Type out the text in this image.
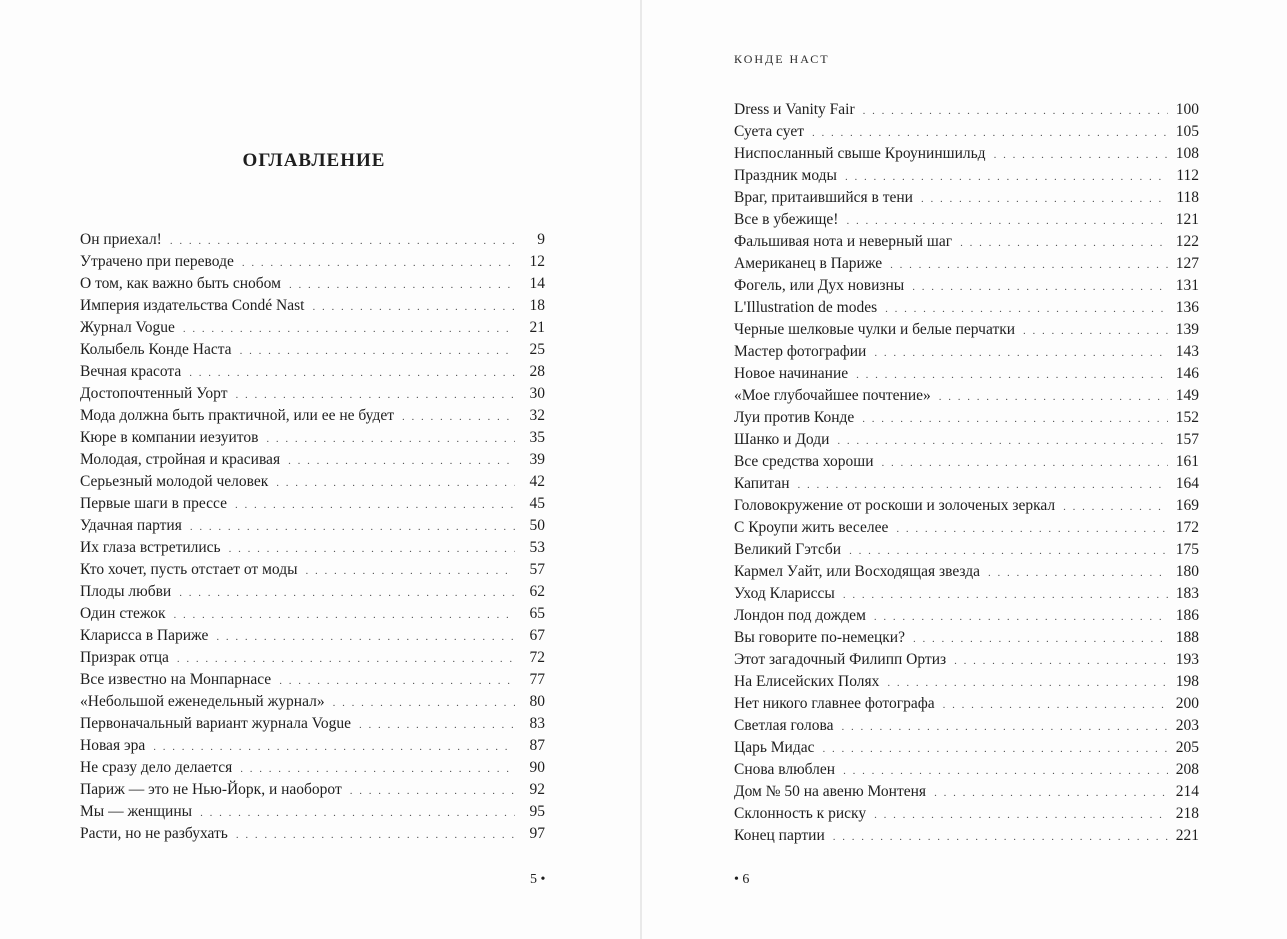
КОНДЕ НАСТ
ОГЛАВЛЕНИЕ
Он приехал! . . .	9
Утрачено при переводе . . .	12
О том, как важно быть снобом . . .	14
Империя издательства Condé Nast . . .	18
Журнал Vogue . . .	21
Колыбель Конде Наста . . .	25
Вечная красота . . .	28
Достопочтенный Уорт . . .	30
Мода должна быть практичной, или ее не будет . . .	32
Кюре в компании иезуитов . . .	35
Молодая, стройная и красивая . . .	39
Серьезный молодой человек . . .	42
Первые шаги в прессе . . .	45
Удачная партия . . .	50
Их глаза встретились . . .	53
Кто хочет, пусть отстает от моды . . .	57
Плоды любви . . .	62
Один стежок . . .	65
Кларисса в Париже . . .	67
Призрак отца . . .	72
Все известно на Монпарнасе . . .	77
«Небольшой еженедельный журнал» . . .	80
Первоначальный вариант журнала Vogue . . .	83
Новая эра . . .	87
Не сразу дело делается . . .	90
Париж — это не Нью-Йорк, и наоборот . . .	92
Мы — женщины . . .	95
Расти, но не разбухать . . .	97
Dress и Vanity Fair . . .	100
Суета сует . . .	105
Ниспосланный свыше Кроуниншильд . . .	108
Праздник моды . . .	112
Враг, притаившийся в тени . . .	118
Все в убежище! . . .	121
Фальшивая нота и неверный шаг . . .	122
Американец в Париже . . .	127
Фогель, или Дух новизны . . .	131
L'Illustration de modes . . .	136
Черные шелковые чулки и белые перчатки . . .	139
Мастер фотографии . . .	143
Новое начинание . . .	146
«Мое глубочайшее почтение» . . .	149
Луи против Конде . . .	152
Шанко и Доди . . .	157
Все средства хороши . . .	161
Капитан . . .	164
Головокружение от роскоши и золоченых зеркал . . .	169
С Кроупи жить веселее . . .	172
Великий Гэтсби . . .	175
Кармел Уайт, или Восходящая звезда . . .	180
Уход Клариссы . . .	183
Лондон под дождем . . .	186
Вы говорите по-немецки? . . .	188
Этот загадочный Филипп Ортиз . . .	193
На Елисейских Полях . . .	198
Нет никого главнее фотографа . . .	200
Светлая голова . . .	203
Царь Мидас . . .	205
Снова влюблен . . .	208
Дом № 50 на авеню Монтеня . . .	214
Склонность к риску . . .	218
Конец партии . . .	221
5 •	• 6
